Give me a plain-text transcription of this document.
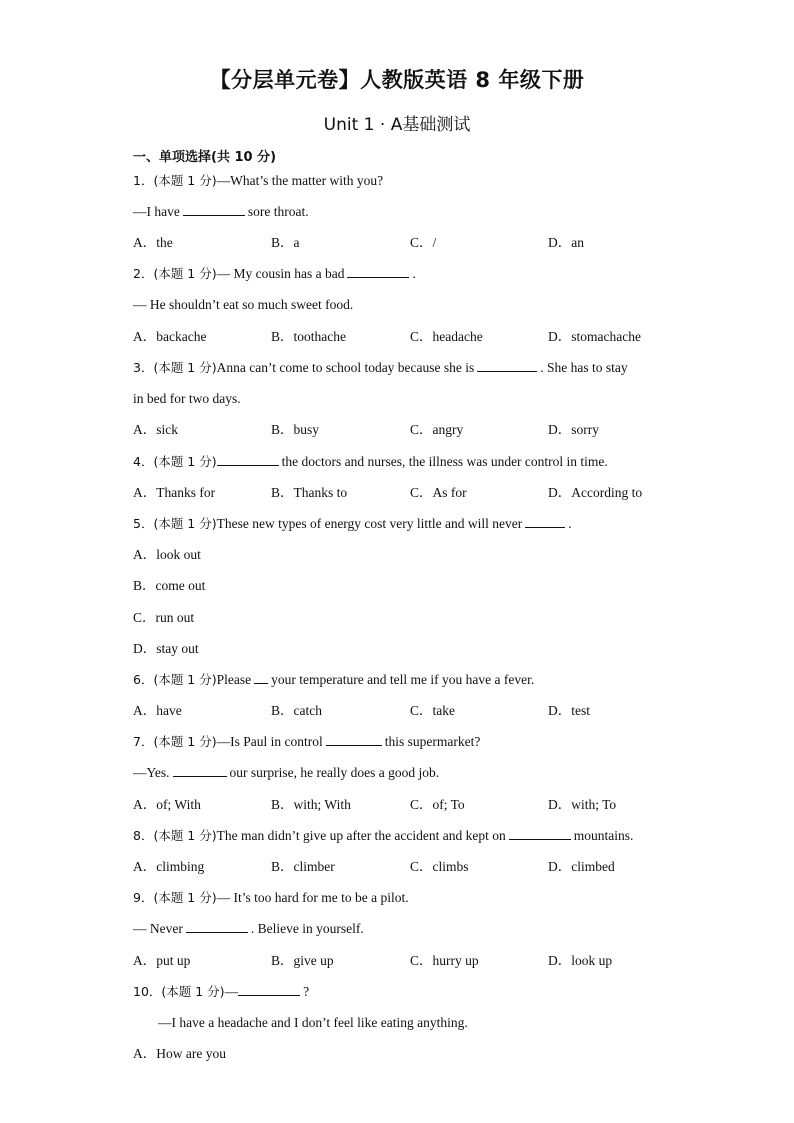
【分层单元卷】人教版英语 8 年级下册
Unit 1 · A基础测试
一、单项选择(共 10 分)
1．(本题 1 分)—What’s the matter with you?
—I have	sore throat.
A．the	B．a	C．/	D．an
2．(本题 1 分)— My cousin has a bad	.
— He shouldn’t eat so much sweet food.
A．backache	B．toothache	C．headache	D．stomachache
3．(本题 1 分)Anna can’t come to school today because she is	. She has to stay
in bed for two days.
A．sick	B．busy	C．angry	D．sorry
4．(本题 1 分)	the doctors and nurses, the illness was under control in time.
A．Thanks for	B．Thanks to	C．As for	D．According to
5．(本题 1 分)These new types of energy cost very little and will never	.
A．look out
B．come out
C．run out
D．stay out
6．(本题 1 分)Please your temperature and tell me if you have a fever.
A．have	B．catch	C．take	D．test
7．(本题 1 分)—Is Paul in control	this supermarket?
—Yes.	our surprise, he really does a good job.
A．of; With	B．with; With	C．of; To	D．with; To
8．(本题 1 分)The man didn’t give up after the accident and kept on	mountains.
A．climbing	B．climber	C．climbs	D．climbed
9．(本题 1 分)— It’s too hard for me to be a pilot.
— Never	. Believe in yourself.
A．put up	B．give up	C．hurry up	D．look up
10．(本题 1 分)—	?
—I have a headache and I don’t feel like eating anything.
A．How are you
